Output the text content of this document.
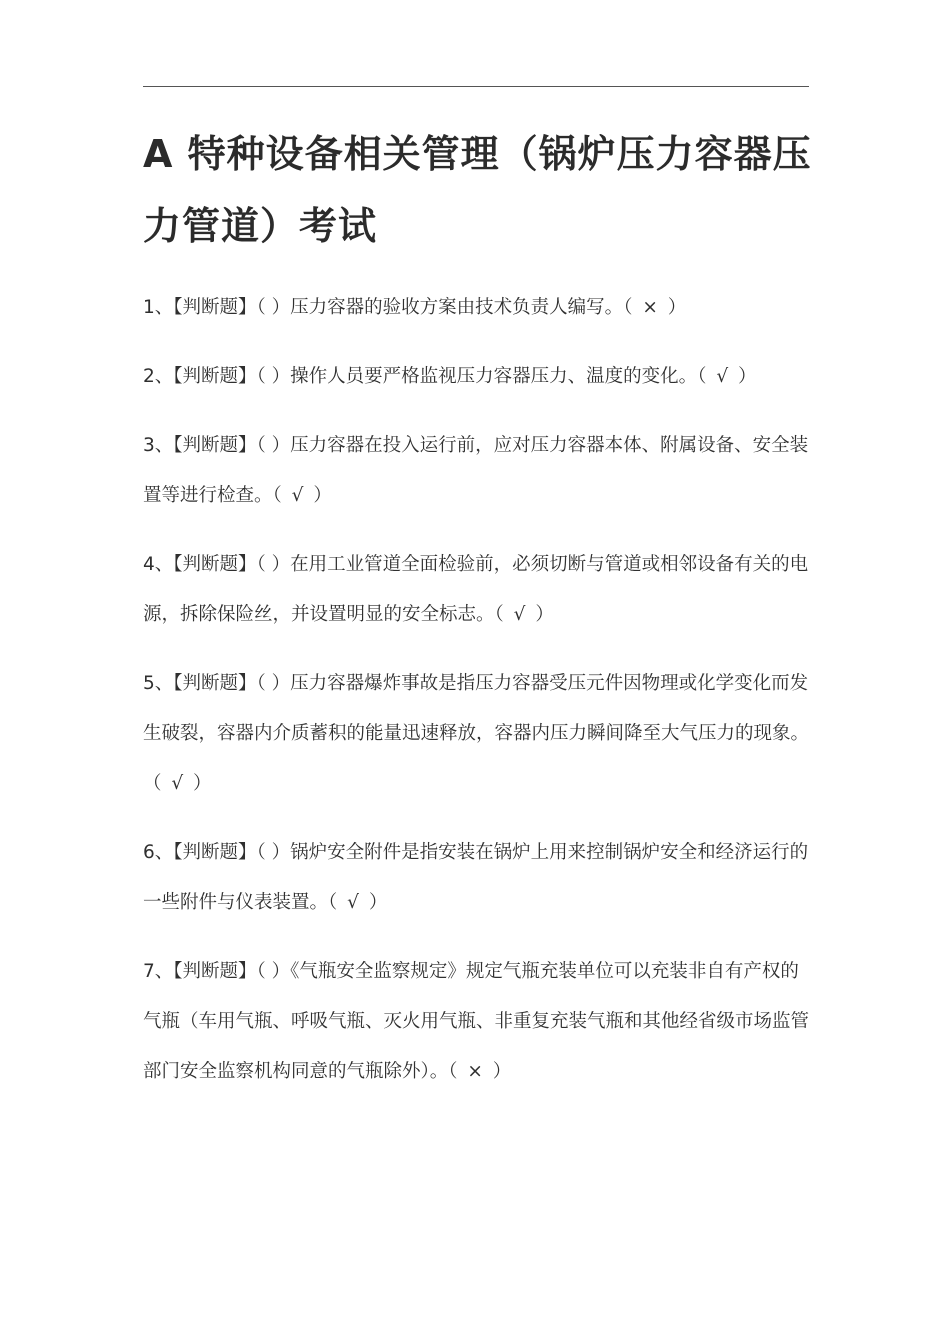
A 特种设备相关管理（锅炉压力容器压力管道）考试
1、【判断题】（ ）压力容器的验收方案由技术负责人编写。（ × ）
2、【判断题】（ ）操作人员要严格监视压力容器压力、温度的变化。（ √ ）
3、【判断题】（ ）压力容器在投入运行前，应对压力容器本体、附属设备、安全装置等进行检查。（ √ ）
4、【判断题】（ ）在用工业管道全面检验前，必须切断与管道或相邻设备有关的电源，拆除保险丝，并设置明显的安全标志。（ √ ）
5、【判断题】（ ）压力容器爆炸事故是指压力容器受压元件因物理或化学变化而发生破裂，容器内介质蓄积的能量迅速释放，容器内压力瞬间降至大气压力的现象。（ √ ）
6、【判断题】（ ）锅炉安全附件是指安装在锅炉上用来控制锅炉安全和经济运行的一些附件与仪表装置。（ √ ）
7、【判断题】（ ）《气瓶安全监察规定》规定气瓶充装单位可以充装非自有产权的气瓶（车用气瓶、呼吸气瓶、灭火用气瓶、非重复充装气瓶和其他经省级市场监管部门安全监察机构同意的气瓶除外）。（ × ）
